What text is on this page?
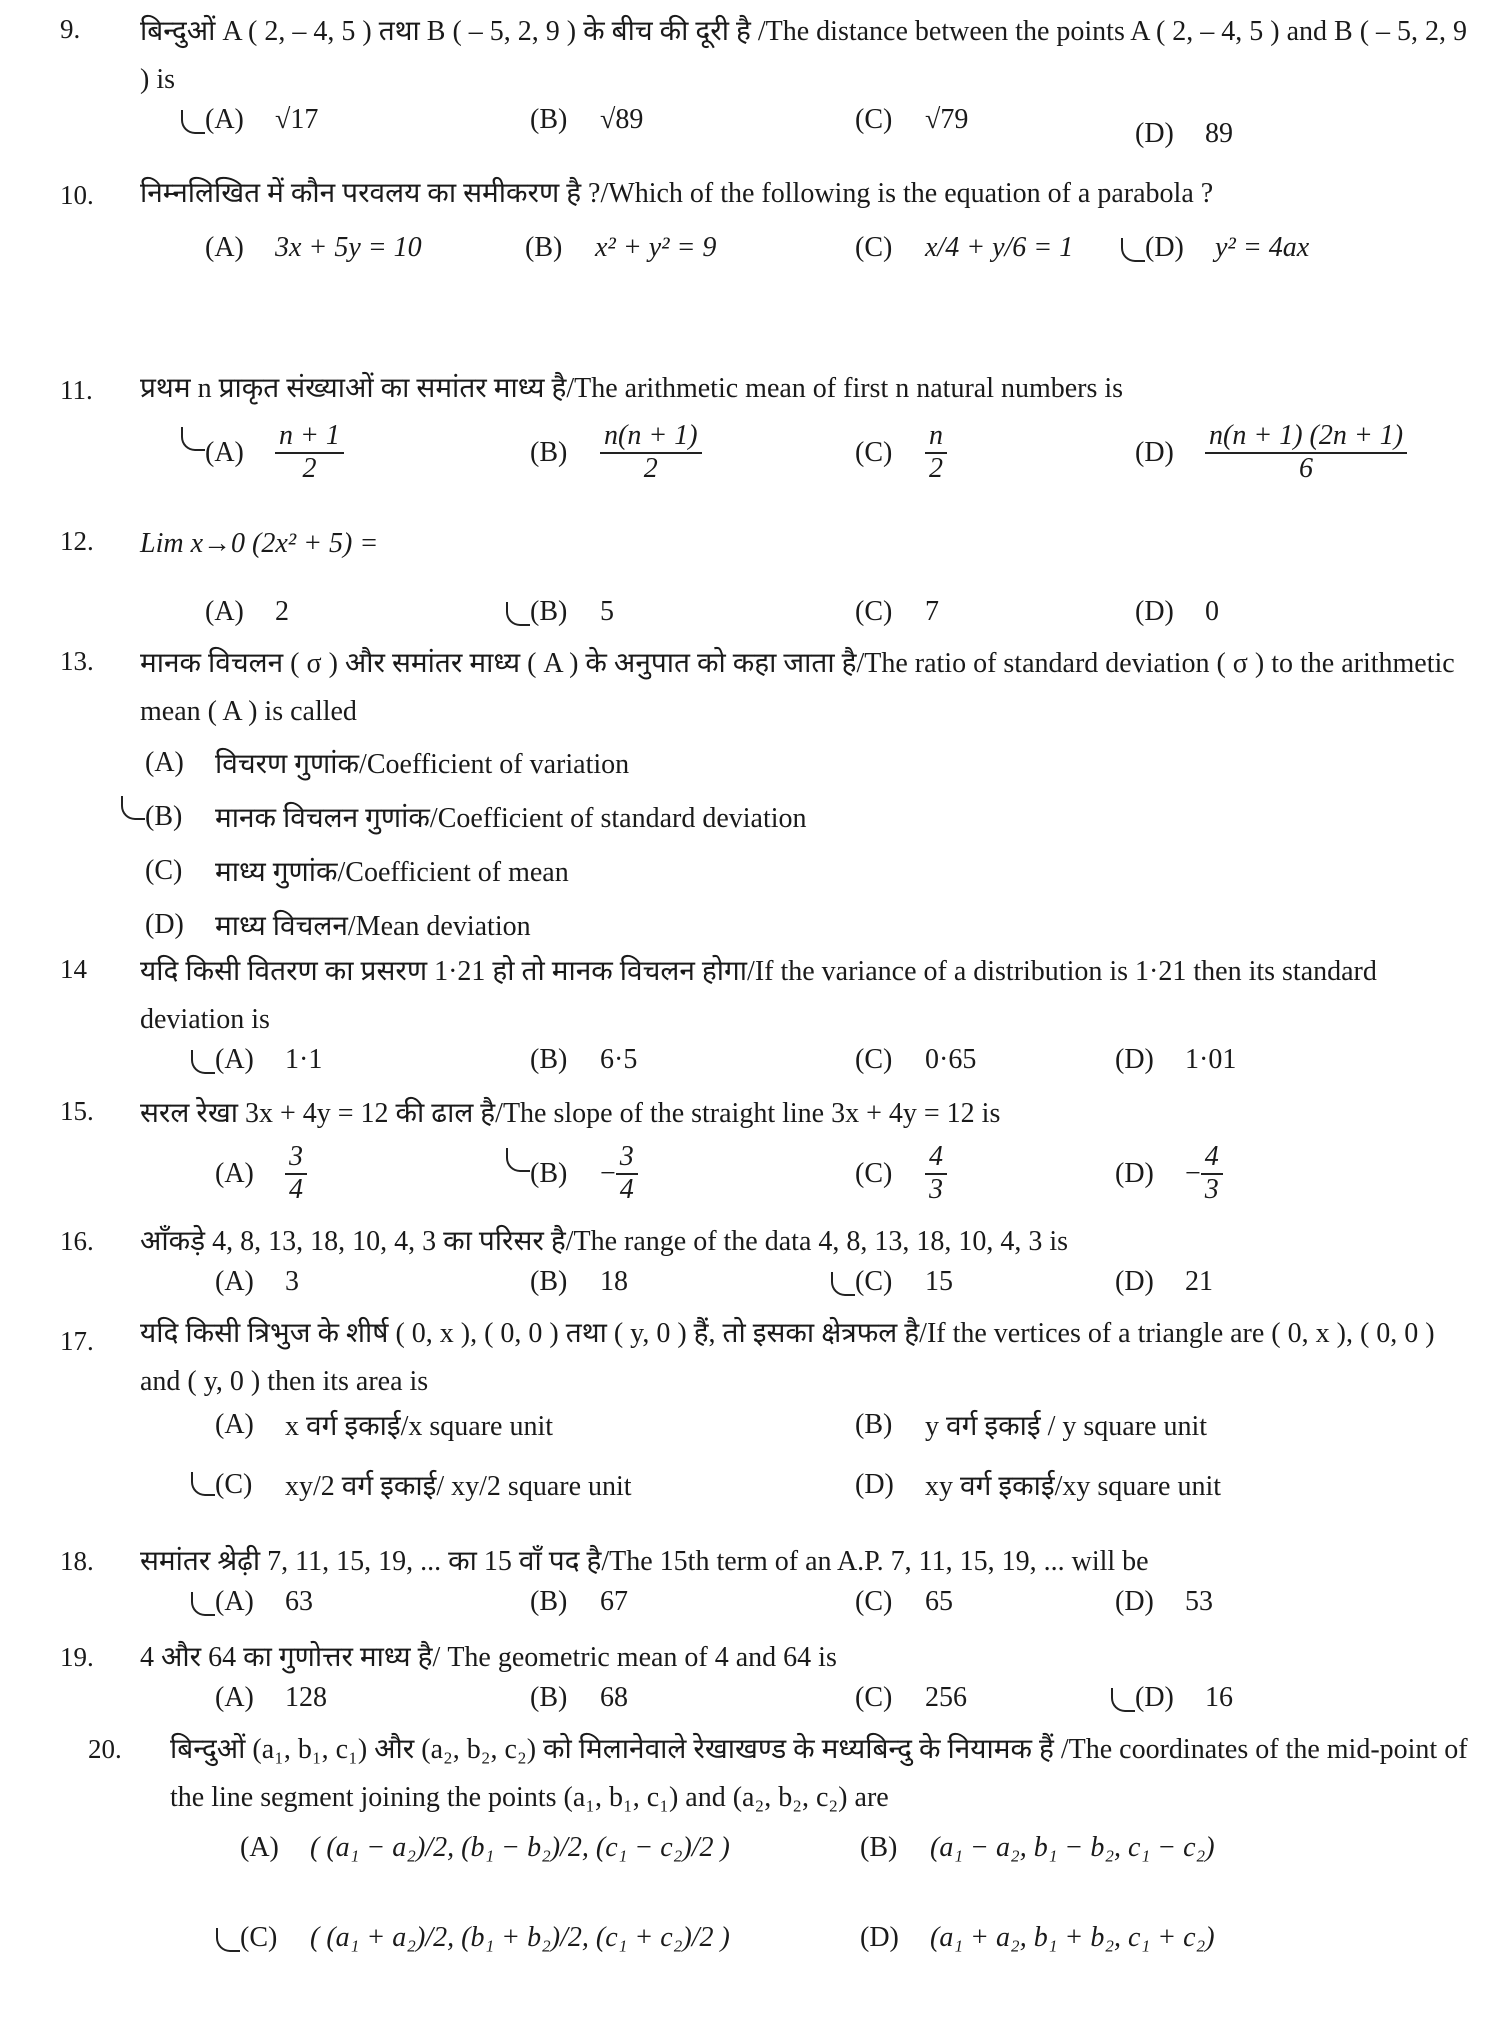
9. बिन्दुओं A ( 2, – 4, 5 ) तथा B ( – 5, 2, 9 ) के बीच की दूरी है /The distance between the points A ( 2, – 4, 5 ) and B ( – 5, 2, 9 ) is
(A)	√17	(B)	√89	(C)	√79	(D)	89
10. निम्नलिखित में कौन परवलय का समीकरण है ?/Which of the following is the equation of a parabola ?
(A)	3x + 5y = 10	(B)	x² + y² = 9	(C)	x/4 + y/6 = 1	(D)	y² = 4ax
11. प्रथम n प्राकृत संख्याओं का समांतर माध्य है/The arithmetic mean of first n natural numbers is
(A)	$\frac{n + 1}{2}$	(B)	$\frac{n(n + 1)}{2}$	(C)	$\frac{n}{2}$	(D)	$\frac{n(n + 1) (2n + 1)}{6}$
12. Lim x→0 (2x² + 5) =
(A)	2	(B)	5	(C)	7	(D)	0
13. मानक विचलन ( σ ) और समांतर माध्य ( A ) के अनुपात को कहा जाता है/The ratio of standard deviation ( σ ) to the arithmetic mean ( A ) is called
(A)	विचरण गुणांक/Coefficient of variation
(B)	मानक विचलन गुणांक/Coefficient of standard deviation
(C)	माध्य गुणांक/Coefficient of mean
(D)	माध्य विचलन/Mean deviation
14 यदि किसी वितरण का प्रसरण 1·21 हो तो मानक विचलन होगा/If the variance of a distribution is 1·21 then its standard deviation is
(A)	1·1	(B)	6·5	(C)	0·65	(D)	1·01
15. सरल रेखा 3x + 4y = 12 की ढाल है/The slope of the straight line 3x + 4y = 12 is
(A)	$\frac{3}{4}$	(B)	− $\frac{3}{4}$	(C)	$\frac{4}{3}$	(D)	− $\frac{4}{3}$
16. आँकड़े 4, 8, 13, 18, 10, 4, 3 का परिसर है/The range of the data 4, 8, 13, 18, 10, 4, 3 is
(A)	3	(B)	18	(C)	15	(D)	21
17. यदि किसी त्रिभुज के शीर्ष ( 0, x ), ( 0, 0 ) तथा ( y, 0 ) हैं, तो इसका क्षेत्रफल है/If the vertices of a triangle are ( 0, x ), ( 0, 0 ) and ( y, 0 ) then its area is
(A)	x वर्ग इकाई/x square unit	(B)	y वर्ग इकाई / y square unit
(C)	xy/2 वर्ग इकाई/ xy/2 square unit	(D)	xy वर्ग इकाई/xy square unit
18. समांतर श्रेढ़ी 7, 11, 15, 19, ... का 15 वाँ पद है/The 15th term of an A.P. 7, 11, 15, 19, ... will be
(A)	63	(B)	67	(C)	65	(D)	53
19. 4 और 64 का गुणोत्तर माध्य है/ The geometric mean of 4 and 64 is
(A)	128	(B)	68	(C)	256	(D)	16
20. बिन्दुओं (a₁, b₁, c₁) और (a₂, b₂, c₂) को मिलानेवाले रेखाखण्ड के मध्यबिन्दु के नियामक हैं /The coordinates of the mid-point of the line segment joining the points (a₁, b₁, c₁) and (a₂, b₂, c₂) are
(A)	( (a₁ − a₂)/2, (b₁ − b₂)/2, (c₁ − c₂)/2 )	(B)	(a₁ − a₂, b₁ − b₂, c₁ − c₂)
(C)	( (a₁ + a₂)/2, (b₁ + b₂)/2, (c₁ + c₂)/2 )	(D)	(a₁ + a₂, b₁ + b₂, c₁ + c₂)
